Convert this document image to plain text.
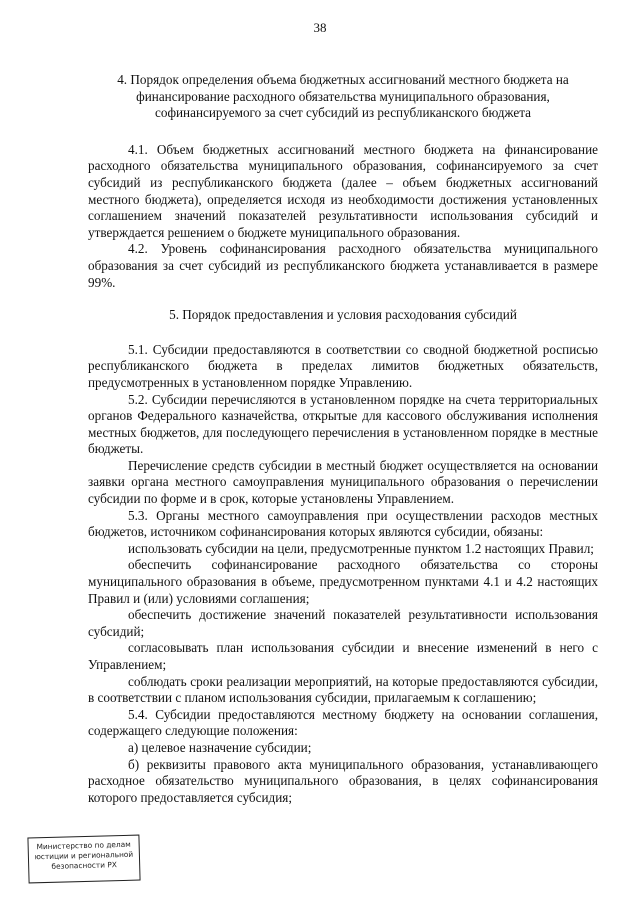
38

4. Порядок определения объема бюджетных ассигнований местного бюджета на финансирование расходного обязательства муниципального образования, софинансируемого за счет субсидий из республиканского бюджета

4.1. Объем бюджетных ассигнований местного бюджета на финансирование расходного обязательства муниципального образования, софинансируемого за счет субсидий из республиканского бюджета (далее – объем бюджетных ассигнований местного бюджета), определяется исходя из необходимости достижения установленных соглашением значений показателей результативности использования субсидий и утверждается решением о бюджете муниципального образования.

4.2. Уровень софинансирования расходного обязательства муниципального образования за счет субсидий из республиканского бюджета устанавливается в размере 99%.

5. Порядок предоставления и условия расходования субсидий

5.1. Субсидии предоставляются в соответствии со сводной бюджетной росписью республиканского бюджета в пределах лимитов бюджетных обязательств, предусмотренных в установленном порядке Управлению.

5.2. Субсидии перечисляются в установленном порядке на счета территориальных органов Федерального казначейства, открытые для кассового обслуживания исполнения местных бюджетов, для последующего перечисления в установленном порядке в местные бюджеты.

Перечисление средств субсидии в местный бюджет осуществляется на основании заявки органа местного самоуправления муниципального образования о перечислении субсидии по форме и в срок, которые установлены Управлением.

5.3. Органы местного самоуправления при осуществлении расходов местных бюджетов, источником софинансирования которых являются субсидии, обязаны:

использовать субсидии на цели, предусмотренные пунктом 1.2 настоящих Правил;

обеспечить софинансирование расходного обязательства со стороны муниципального образования в объеме, предусмотренном пунктами 4.1 и 4.2 настоящих Правил и (или) условиями соглашения;

обеспечить достижение значений показателей результативности использования субсидий;

согласовывать план использования субсидии и внесение изменений в него с Управлением;

соблюдать сроки реализации мероприятий, на которые предоставляются субсидии, в соответствии с планом использования субсидии, прилагаемым к соглашению;

5.4. Субсидии предоставляются местному бюджету на основании соглашения, содержащего следующие положения:

а) целевое назначение субсидии;

б) реквизиты правового акта муниципального образования, устанавливающего расходное обязательство муниципального образования, в целях софинансирования которого предоставляется субсидия;

Министерство по делам
юстиции и региональной
безопасности РХ
